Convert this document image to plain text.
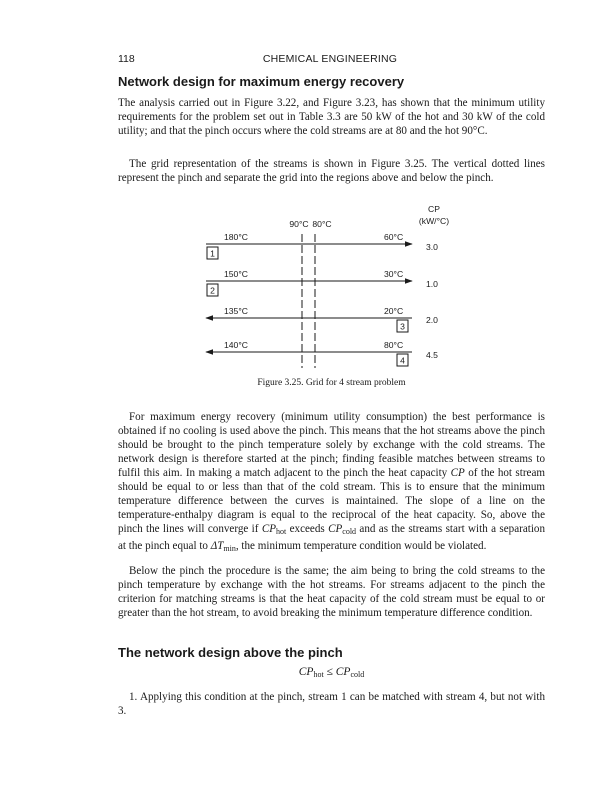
118	CHEMICAL ENGINEERING
Network design for maximum energy recovery

The analysis carried out in Figure 3.22, and Figure 3.23, has shown that the minimum utility requirements for the problem set out in Table 3.3 are 50 kW of the hot and 30 kW of the cold utility; and that the pinch occurs where the cold streams are at 80 and the hot 90°C.

The grid representation of the streams is shown in Figure 3.25. The vertical dotted lines represent the pinch and separate the grid into the regions above and below the pinch.

CP
(kW/°C)
90°C 80°C
180°C	60°C
1
3.0
150°C	30°C
2
1.0
135°C	20°C
3
2.0
140°C	80°C
4
4.5
Figure 3.25. Grid for 4 stream problem

For maximum energy recovery (minimum utility consumption) the best performance is obtained if no cooling is used above the pinch. This means that the hot streams above the pinch should be brought to the pinch temperature solely by exchange with the cold streams. The network design is therefore started at the pinch; finding feasible matches between streams to fulfil this aim. In making a match adjacent to the pinch the heat capacity CP of the hot stream should be equal to or less than that of the cold stream. This is to ensure that the minimum temperature difference between the curves is maintained. The slope of a line on the temperature-enthalpy diagram is equal to the reciprocal of the heat capacity. So, above the pinch the lines will converge if $CP_{hot}$ exceeds $CP_{cold}$ and as the streams start with a separation at the pinch equal to $\Delta T_{min}$, the minimum temperature condition would be violated.

Below the pinch the procedure is the same; the aim being to bring the cold streams to the pinch temperature by exchange with the hot streams. For streams adjacent to the pinch the criterion for matching streams is that the heat capacity of the cold stream must be equal to or greater than the hot stream, to avoid breaking the minimum temperature difference condition.

The network design above the pinch
$CP_{hot} \le CP_{cold}$

1. Applying this condition at the pinch, stream 1 can be matched with stream 4, but not with 3.
